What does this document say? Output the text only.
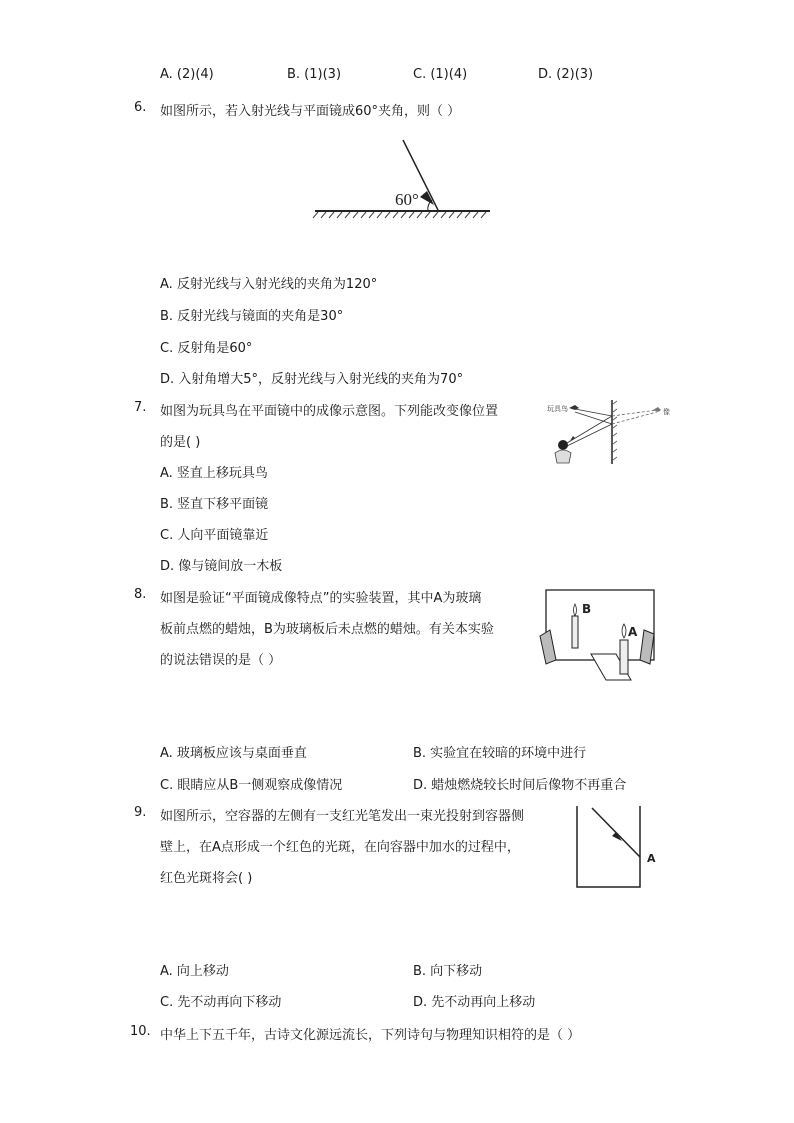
A. (2)(4)	B. (1)(3)	C. (1)(4)	D. (2)(3)
6. 如图所示，若入射光线与平面镜成60°夹角，则（ ）
60°
A. 反射光线与入射光线的夹角为120°
B. 反射光线与镜面的夹角是30°
C. 反射角是60°
D. 入射角增大5°，反射光线与入射光线的夹角为70°
7. 如图为玩具鸟在平面镜中的成像示意图。下列能改变像位置
的是( )
玩具鸟	像
A. 竖直上移玩具鸟
B. 竖直下移平面镜
C. 人向平面镜靠近
D. 像与镜间放一木板
8. 如图是验证“平面镜成像特点”的实验装置，其中A为玻璃
板前点燃的蜡烛，B为玻璃板后未点燃的蜡烛。有关本实验
的说法错误的是（ ）
B
A
A. 玻璃板应该与桌面垂直	B. 实验宜在较暗的环境中进行
C. 眼睛应从B一侧观察成像情况	D. 蜡烛燃烧较长时间后像物不再重合
9. 如图所示，空容器的左侧有一支红光笔发出一束光投射到容器侧
壁上，在A点形成一个红色的光斑，在向容器中加水的过程中，
红色光斑将会( )
A
A. 向上移动	B. 向下移动
C. 先不动再向下移动	D. 先不动再向上移动
10. 中华上下五千年，古诗文化源远流长，下列诗句与物理知识相符的是（ ）
